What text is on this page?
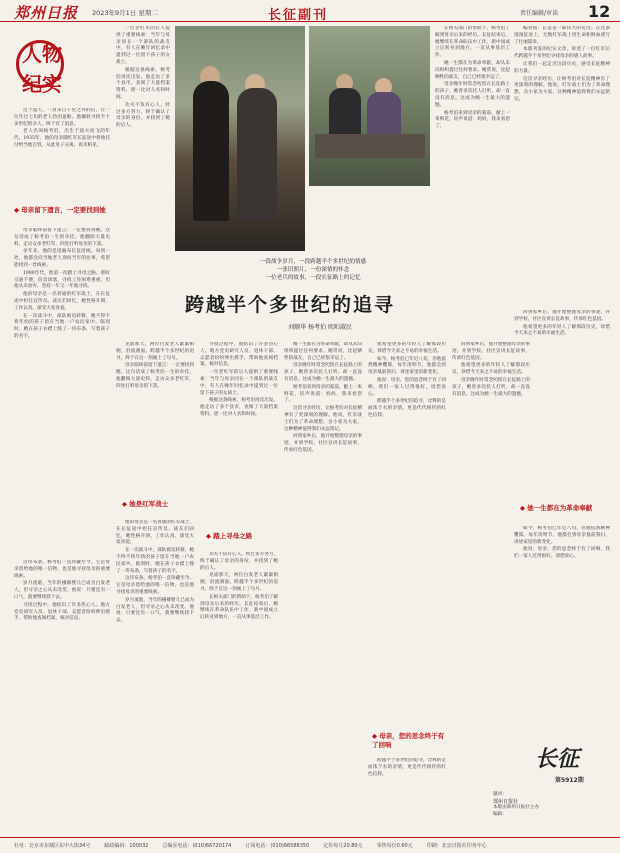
郑州日报 2023年9月1日 星期二	长征副刊	责任编辑/审读 12
人物
纪实

这个夏天，一封来自千里之外的信，让一位年过七旬的老人热泪盈眶。他辗转寻找半个多世纪的亲人，终于有了消息。

老人名叫杨考伯，出生于战火纷飞的年代。1935年，他的母亲随红军长征途中将他托付给当地百姓。从此母子分离，再未相见。

◆ 母亲留下遗言，一定要找到她

母亲临终前留下遗言：一定要找到她。这句话成了杨考伯一生的牵挂。他翻阅大量史料，走访众多老红军，四处打听母亲的下落。

多年来，他的足迹遍布长征沿线。每到一处，他都会向当地老人询问当年的往事，希望能找到一丝线索。

1980年代，他第一次踏上寻母之路。那时交通不便，信息闭塞，寻找工作困难重重。但他从未放弃，坚持一年又一年地寻找。

他的母亲是一名普通的红军战士，在长征途中担任宣传员。战友们回忆，她性格开朗，工作认真，深受大家喜爱。

在一次战斗中，部队被迫转移，她不得不将年幼的孩子留在当地一户农民家中。临别时，她在孩子衣襟上缝了一块布条，写着孩子的名字。

这块布条，杨考伯一直珍藏至今。它是母亲留给他的唯一信物，也是他寻找母亲的重要线索。

岁月流逝，当年的襁褓婴儿已成为白发老人，但寻亲之心从未改变。他说：只要还有一口气，就要继续找下去。

寻找过程中，他结识了许多热心人。地方党史研究人员、退休干部、志愿者纷纷伸出援手，帮助他查阅档案、核对信息。

一位老红军的后人提供了重要线索：当年与母亲同在一个部队的战友中，有人在晚年回忆录中提到过一位留下孩子的女战士。

根据这条线索，杨考伯再次出发。他走访了多个县市，查阅了大量档案资料，逐一比对人名和时间。

功夫不负有心人。经过多方努力，终于确认了母亲的身份，并找到了她的后人。

在相关部门的帮助下，杨考伯了解到母亲后来的经历。长征结束后，她继续在革命队伍中工作，新中国成立后转业到地方，一直从事基层工作。

她一生都在为革命奉献，却从未向组织提过任何要求。她常说，比起牺牲的战友，自己已经很幸运了。

母亲晚年时常念叨留在长征路上的孩子，她曾多次托人打听，却一直没有消息。这成为她一生最大的遗憾。

杨考伯来到母亲的墓前，献上一束鲜花，轻声说道：妈妈，我来看您了。

编者按：长征是一部伟大的史诗。在这条漫漫征途上，无数红军战士用生命和鲜血谱写了壮丽篇章。

本版刊发的纪实文章，讲述了一位红军后代跨越半个多世纪寻找母亲的感人故事。

让我们一起走近这段历史，感受长征精神的力量。

这次寻亲经历，让杨考伯对长征精神有了更深刻的理解。他说，红军战士们为了革命理想，舍小家为大家，这种精神值得我们永远铭记。

一段战争岁月，一段跨越半个多世纪的情感
一张旧照片，一份深情的怀念
一位老兵的故事，一段长征路上的记忆
跨越半个多世纪的追寻
刘顺华 杨考伯 欧阳淑民

见面那天，两位白发老人紧紧相拥，泪流满面。跨越半个多世纪的追寻，终于在这一刻画上了句号。

母亲临终前留下遗言：一定要找到她。这句话成了杨考伯一生的牵挂。他翻阅大量史料，走访众多老红军，四处打听母亲的下落。

◆ 她是红军战士

他的母亲是一名普通的红军战士，在长征途中担任宣传员。战友们回忆，她性格开朗，工作认真，深受大家喜爱。

在一次战斗中，部队被迫转移，她不得不将年幼的孩子留在当地一户农民家中。临别时，她在孩子衣襟上缝了一块布条，写着孩子的名字。

这块布条，杨考伯一直珍藏至今。它是母亲留给他的唯一信物，也是他寻找母亲的重要线索。

岁月流逝，当年的襁褓婴儿已成为白发老人，但寻亲之心从未改变。他说：只要还有一口气，就要继续找下去。

寻找过程中，他结识了许多热心人。地方党史研究人员、退休干部、志愿者纷纷伸出援手，帮助他查阅档案、核对信息。

一位老红军的后人提供了重要线索：当年与母亲同在一个部队的战友中，有人在晚年回忆录中提到过一位留下孩子的女战士。

根据这条线索，杨考伯再次出发。他走访了多个县市，查阅了大量档案资料，逐一比对人名和时间。

◆ 踏上寻母之路

功夫不负有心人。经过多方努力，终于确认了母亲的身份，并找到了她的后人。

见面那天，两位白发老人紧紧相拥，泪流满面。跨越半个多世纪的追寻，终于在这一刻画上了句号。

在相关部门的帮助下，杨考伯了解到母亲后来的经历。长征结束后，她继续在革命队伍中工作，新中国成立后转业到地方，一直从事基层工作。

她一生都在为革命奉献，却从未向组织提过任何要求。她常说，比起牺牲的战友，自己已经很幸运了。

母亲晚年时常念叨留在长征路上的孩子，她曾多次托人打听，却一直没有消息。这成为她一生最大的遗憾。

杨考伯来到母亲的墓前，献上一束鲜花，轻声说道：妈妈，我来看您了。

这次寻亲经历，让杨考伯对长征精神有了更深刻的理解。他说，红军战士们为了革命理想，舍小家为大家，这种精神值得我们永远铭记。

回到家乡后，他开始整理母亲的事迹，并到学校、社区宣讲长征故事，传承红色基因。

他希望更多的年轻人了解那段历史，珍惜今天来之不易的幸福生活。

如今，杨考伯已年近八旬，但他依然精神矍铄。每年清明节，他都会到母亲墓前祭扫，讲述家里的新变化。

他说：母亲，您的思念终于有了回响，我们一家人过得很好，请您放心。

跨越半个多世纪的追寻，诠释的是血浓于水的亲情，更是代代相传的红色信仰。

◆ 母亲，您的思念终于有了回响

跨越半个多世纪的追寻，诠释的是血浓于水的亲情，更是代代相传的红色信仰。

回到家乡后，他开始整理母亲的事迹，并到学校、社区宣讲长征故事，传承红色基因。

他希望更多的年轻人了解那段历史，珍惜今天来之不易的幸福生活。

母亲晚年时常念叨留在长征路上的孩子，她曾多次托人打听，却一直没有消息。这成为她一生最大的遗憾。

回到家乡后，他开始整理母亲的事迹，并到学校、社区宣讲长征故事，传承红色基因。

他希望更多的年轻人了解那段历史，珍惜今天来之不易的幸福生活。

◆ 她一生都在为革命奉献

如今，杨考伯已年近八旬，但他依然精神矍铄。每年清明节，他都会到母亲墓前祭扫，讲述家里的新变化。

他说：母亲，您的思念终于有了回响，我们一家人过得很好，请您放心。

长征
第5912期
题词：
郑州日报社
本版由郑州日报社主办
编辑：
社址：北京市东城区东中大街34号	邮政编码：100032	总编室电话：(010)66720174	订阅电话：(010)66588350	定价每月20.80元	零售每份0.60元	印刷：北京日报社印务中心
